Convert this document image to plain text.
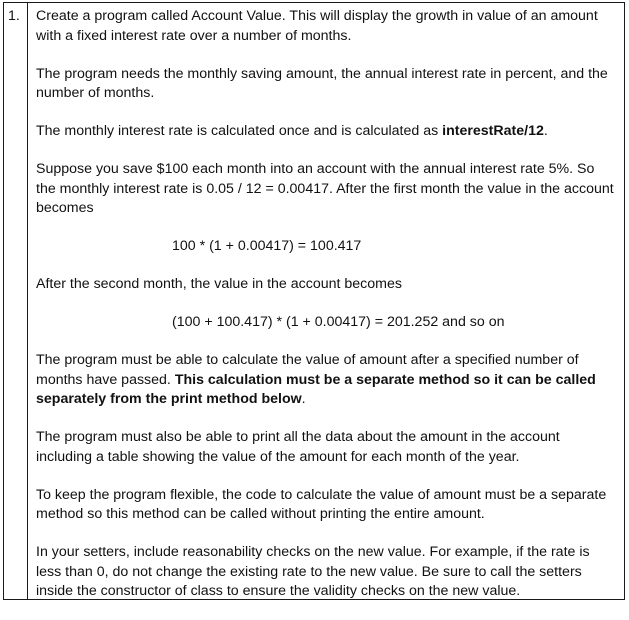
1. Create a program called Account Value. This will display the growth in value of an amount with a fixed interest rate over a number of months.

The program needs the monthly saving amount, the annual interest rate in percent, and the number of months.

The monthly interest rate is calculated once and is calculated as interestRate/12.

Suppose you save $100 each month into an account with the annual interest rate 5%. So the monthly interest rate is 0.05 / 12 = 0.00417. After the first month the value in the account becomes

100 * (1 + 0.00417) = 100.417

After the second month, the value in the account becomes

(100 + 100.417) * (1 + 0.00417) = 201.252 and so on

The program must be able to calculate the value of amount after a specified number of months have passed. This calculation must be a separate method so it can be called separately from the print method below.

The program must also be able to print all the data about the amount in the account including a table showing the value of the amount for each month of the year.

To keep the program flexible, the code to calculate the value of amount must be a separate method so this method can be called without printing the entire amount.

In your setters, include reasonability checks on the new value. For example, if the rate is less than 0, do not change the existing rate to the new value. Be sure to call the setters inside the constructor of class to ensure the validity checks on the new value.
